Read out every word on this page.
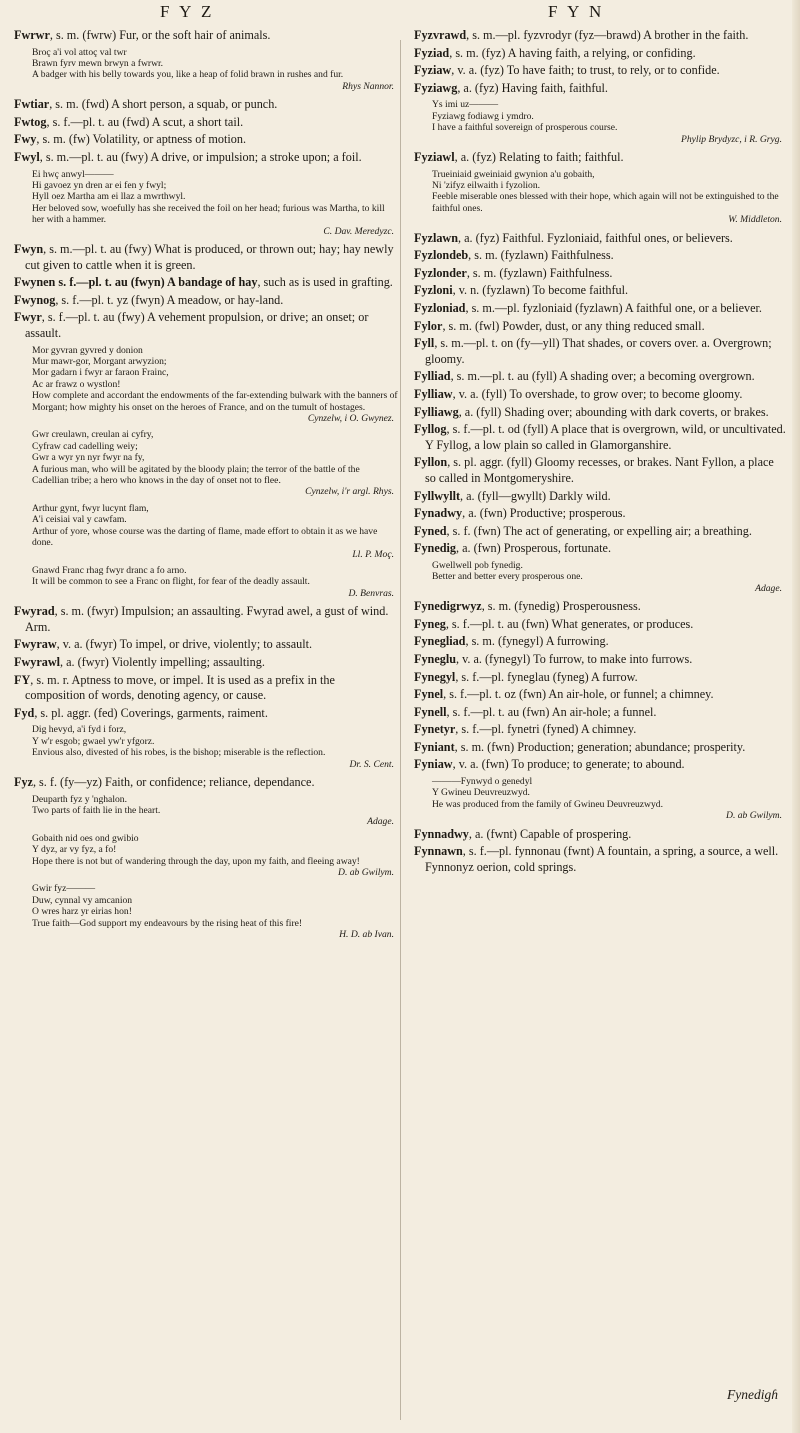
F Y Z	F Y N
Fwrwr, s. m. (fwrw) Fur, or the soft hair of animals.
Broç a'i vol attoç val twr
Brawn fyrv mewn brwyn a fwrwr.
A badger with his belly towards you, like a heap of folid brawn in rushes and fur.
Rhys Nannor.
Fwtiar, s. m. (fwd) A short person, a squab, or punch.
Fwtog, s. f.—pl. t. au (fwd) A scut, a short tail.
Fwy, s. m. (fw) Volatility, or aptness of motion.
Fwyl, s. m.—pl. t. au (fwy) A drive, or impulsion; a stroke upon; a foil.
Ei hwç anwyl———
Hi gavoez yn dren ar ei fen y fwyl;
Hyll oez Martha am ei llaz a mwrthwyl.
Her beloved sow, woefully has she received the foil on her head; furious was Martha, to kill her with a hammer.
C. Dav. Meredyzc.
Fwyn, s. m.—pl. t. au (fwy) What is produced, or thrown out; hay; hay newly cut given to cattle when it is green.
Fwynen s. f.—pl. t. au (fwyn) A bandage of hay, such as is used in grafting.
Fwynog, s. f.—pl. t. yz (fwyn) A meadow, or hay-land.
Fwyr, s. f.—pl. t. au (fwy) A vehement propulsion, or drive; an onset; or assault.
Mor gyvran gyvred y donion
Mur mawr-gor, Morgant arwyzion;
Mor gadarn i fwyr ar faraon Frainc,
Ac ar frawz o wystlon!
How complete and accordant the endowments of the far-extending bulwark with the banners of Morgant; how mighty his onset on the heroes of France, and on the tumult of hostages.
Cynzelw, i O. Gwynez.
Gwr creulawn, creulan ai cyfry,
Cyfraw cad cadelling weiy;
Gwr a wyr yn nyr fwyr na fy,
A furious man, who will be agitated by the bloody plain; the terror of the battle of the Cadellian tribe; a hero who knows in the day of onset not to flee.
Cynzelw, i'r argl. Rhys.
Arthur gynt, fwyr lucynt flam,
A'i ceisiai val y cawfam.
Arthur of yore, whose course was the darting of flame, made effort to obtain it as we have done.
Ll. P. Moç.
Gnawd Franc rhag fwyr dranc a fo arno.
It will be common to see a Franc on flight, for fear of the deadly assault.
D. Benvras.
Fwyrad, s. m. (fwyr) Impulsion; an assaulting. Fwyrad awel, a gust of wind. Arm.
Fwyraw, v. a. (fwyr) To impel, or drive, violently; to assault.
Fwyrawl, a. (fwyr) Violently impelling; assaulting.
FY, s. m. r. Aptness to move, or impel. It is used as a prefix in the composition of words, denoting agency, or cause.
Fyd, s. pl. aggr. (fed) Coverings, garments, raiment.
Dig hevyd, a'i fyd i forz,
Y w'r esgob; gwael yw'r yfgorz.
Envious also, divested of his robes, is the bishop; miserable is the reflection.
Dr. S. Cent.
Fyz, s. f. (fy—yz) Faith, or confidence; reliance, dependance.
Deuparth fyz y 'nghalon.
Two parts of faith lie in the heart.
Adage.
Gobaith nid oes ond gwibio
Y dyz, ar vy fyz, a fo!
Hope there is not but of wandering through the day, upon my faith, and fleeing away!
D. ab Gwilym.
Gwir fyz———
Duw, cynnal vy amcanion
O wres harz yr eirias hon!
True faith—God support my endeavours by the rising heat of this fire!
H. D. ab Ivan.
Fyzvrawd, s. m.—pl. fyzvrodyr (fyz—brawd) A brother in the faith.
Fyziad, s. m. (fyz) A having faith, a relying, or confiding.
Fyziaw, v. a. (fyz) To have faith; to trust, to rely, or to confide.
Fyziawg, a. (fyz) Having faith, faithful.
Ys imi uz———
Fyziawg fodiawg i ymdro.
I have a faithful sovereign of prosperous course.
Phylip Brydyzc, i R. Gryg.
Fyziawl, a. (fyz) Relating to faith; faithful.
Trueiniaid gweiniaid gwynion a'u gobaith,
Ni 'zifyz eilwaith i fyzolion.
Feeble miserable ones blessed with their hope, which again will not be extinguished to the faithful ones.
W. Middleton.
Fyzlawn, a. (fyz) Faithful. Fyzloniaid, faithful ones, or believers.
Fyzlondeb, s. m. (fyzlawn) Faithfulness.
Fyzlonder, s. m. (fyzlawn) Faithfulness.
Fyzloni, v. n. (fyzlawn) To become faithful.
Fyzloniad, s. m.—pl. fyzloniaid (fyzlawn) A faithful one, or a believer.
Fylor, s. m. (fwl) Powder, dust, or any thing reduced small.
Fyll, s. m.—pl. t. on (fy—yll) That shades, or covers over. a. Overgrown; gloomy.
Fylliad, s. m.—pl. t. au (fyll) A shading over; a becoming overgrown.
Fylliaw, v. a. (fyll) To overshade, to grow over; to become gloomy.
Fylliawg, a. (fyll) Shading over; abounding with dark coverts, or brakes.
Fyllog, s. f.—pl. t. od (fyll) A place that is overgrown, wild, or uncultivated. Y Fyllog, a low plain so called in Glamorganshire.
Fyllon, s. pl. aggr. (fyll) Gloomy recesses, or brakes. Nant Fyllon, a place so called in Montgomeryshire.
Fyllwyllt, a. (fyll—gwyllt) Darkly wild.
Fynadwy, a. (fwn) Productive; prosperous.
Fyned, s. f. (fwn) The act of generating, or expelling air; a breathing.
Fynedig, a. (fwn) Prosperous, fortunate.
Gwellwell pob fynedig.
Better and better every prosperous one.
Adage.
Fynedigrwyz, s. m. (fynedig) Prosperousness.
Fyneg, s. f.—pl. t. au (fwn) What generates, or produces.
Fynegliad, s. m. (fynegyl) A furrowing.
Fyneglu, v. a. (fynegyl) To furrow, to make into furrows.
Fynegyl, s. f.—pl. fyneglau (fyneg) A furrow.
Fynel, s. f.—pl. t. oz (fwn) An air-hole, or funnel; a chimney.
Fynell, s. f.—pl. t. au (fwn) An air-hole; a funnel.
Fynetyr, s. f.—pl. fynetri (fyned) A chimney.
Fyniant, s. m. (fwn) Production; generation; abundance; prosperity.
Fyniaw, v. a. (fwn) To produce; to generate; to abound.
———Fynwyd o genedyl
Y Gwineu Deuvreuzwyd.
He was produced from the family of Gwineu Deuvreuzwyd.
D. ab Gwilym.
Fynnadwy, a. (fwnt) Capable of prospering.
Fynnawn, s. f.—pl. fynnonau (fwnt) A fountain, a spring, a source, a well. Fynnonyz oerion, cold springs.
Fynedigɦ
